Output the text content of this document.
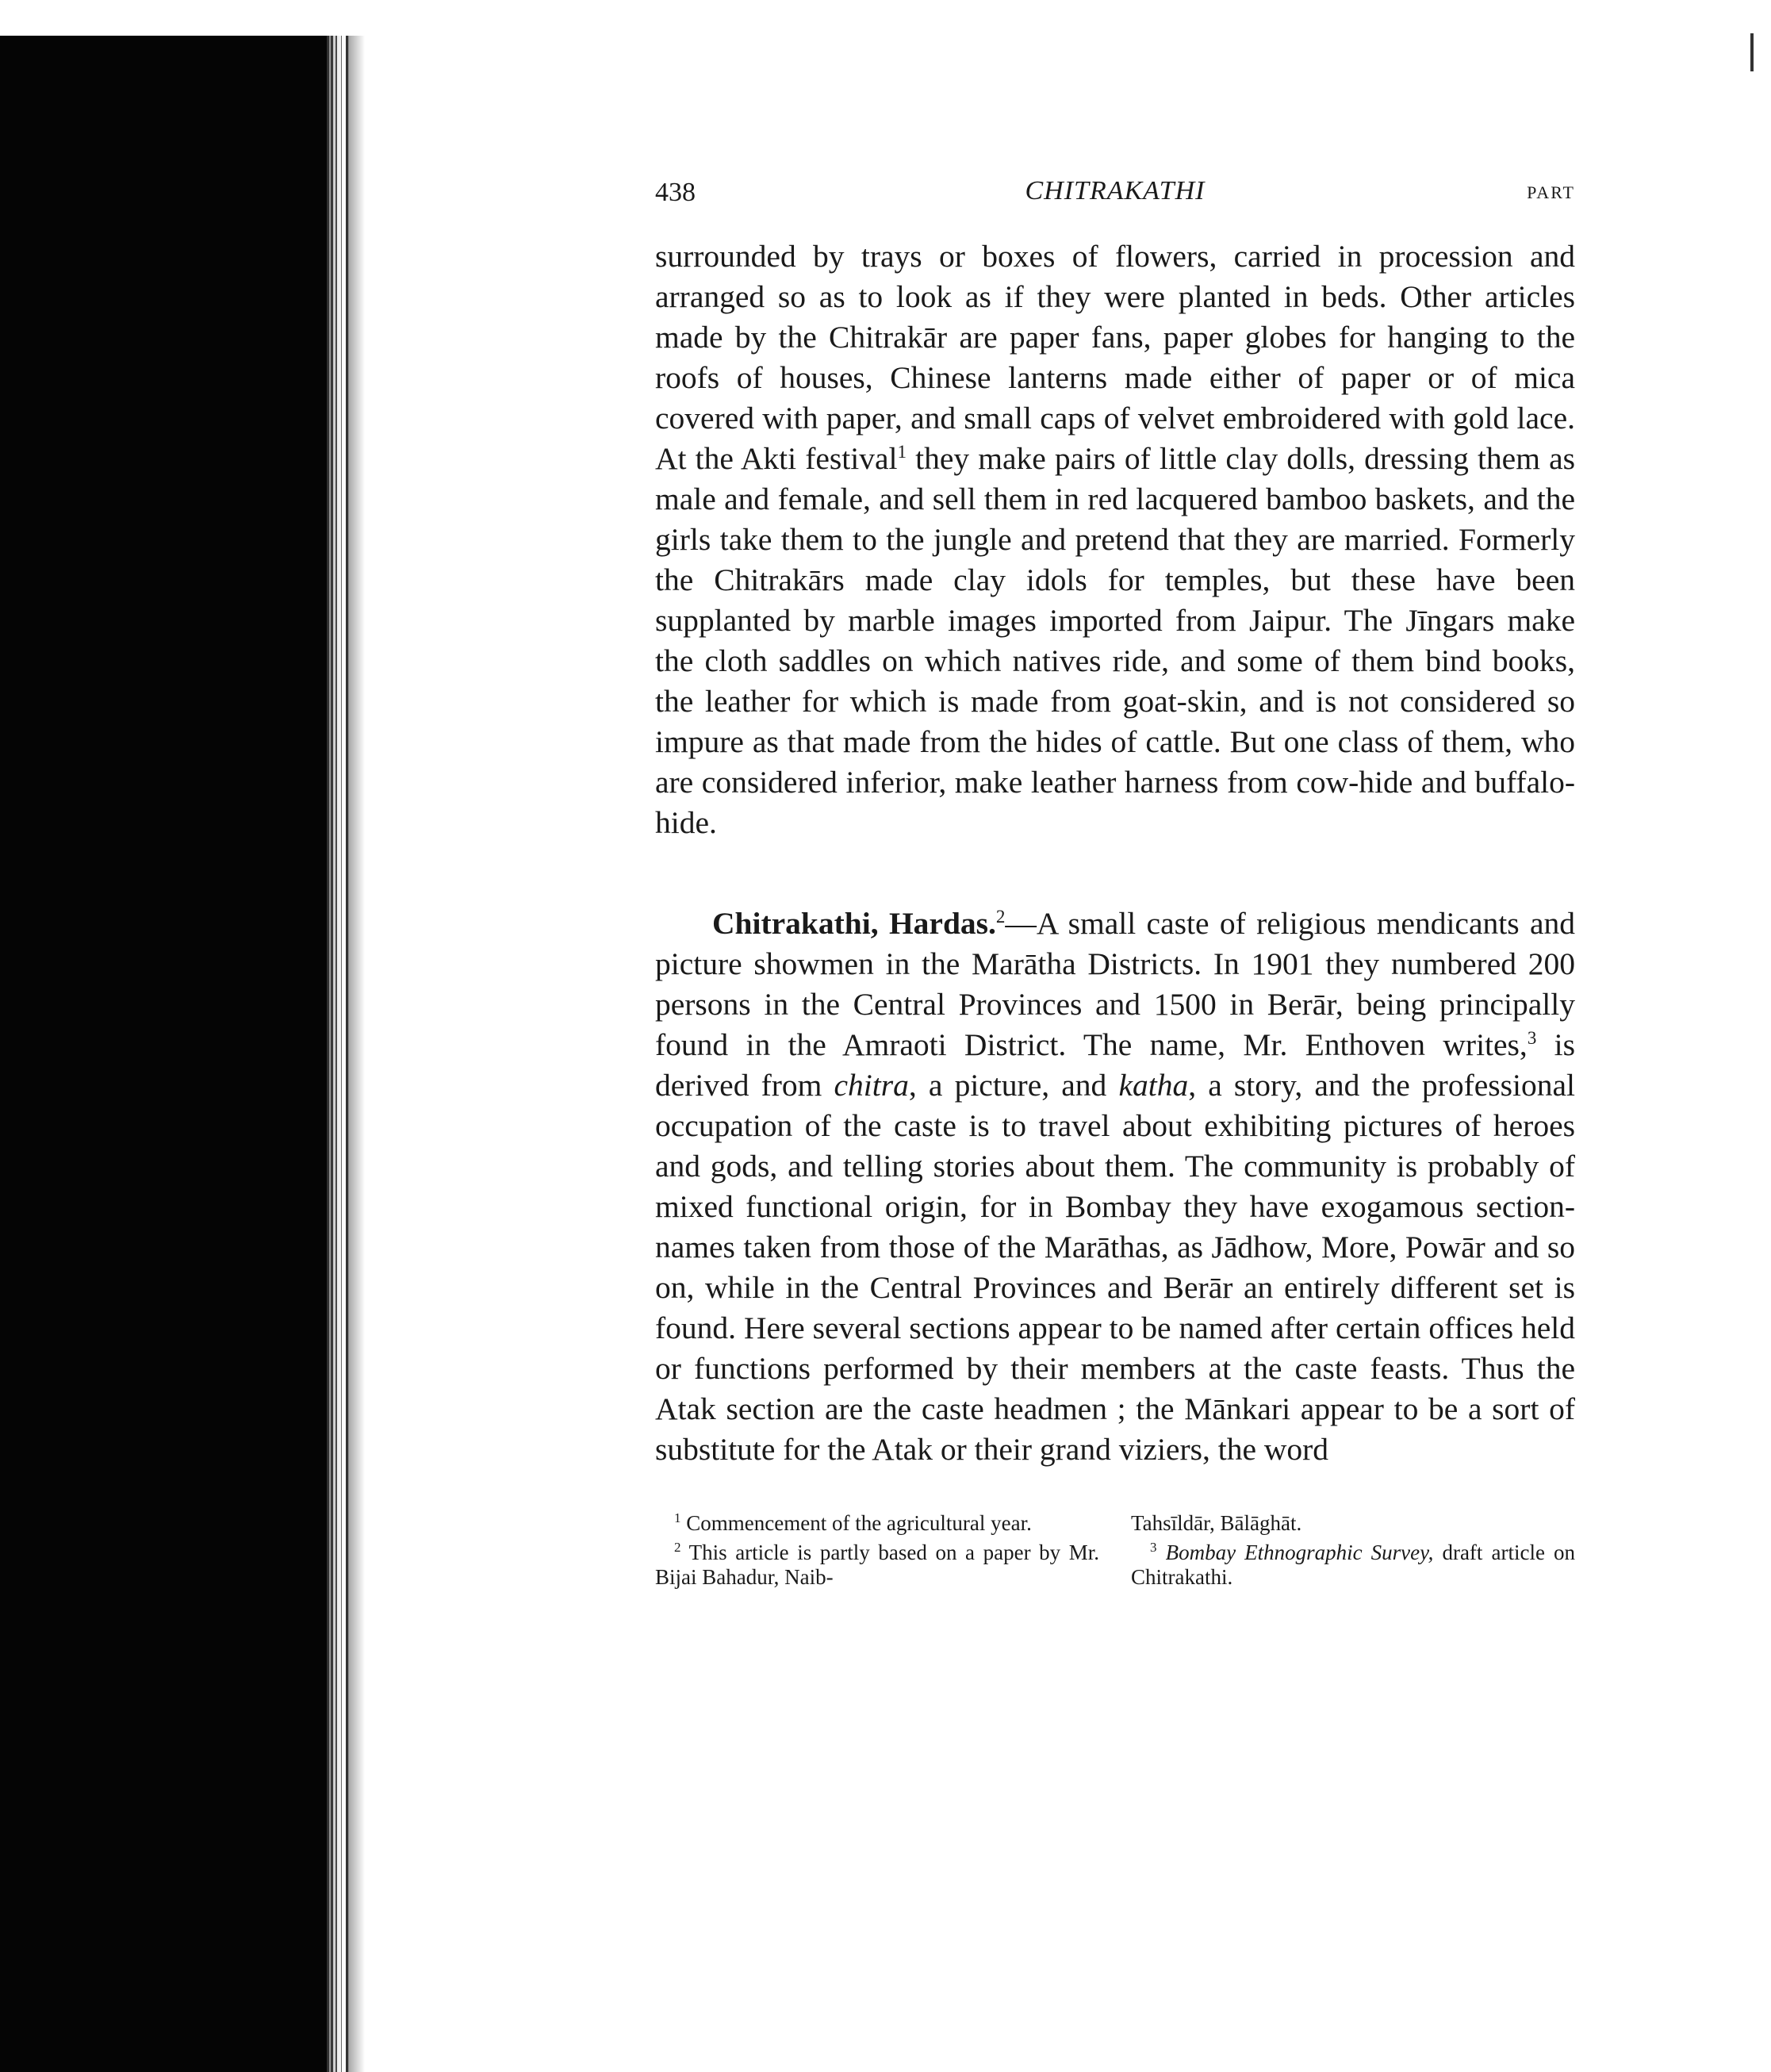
438	CHITRAKATHI	PART

surrounded by trays or boxes of flowers, carried in procession and arranged so as to look as if they were planted in beds. Other articles made by the Chitrakār are paper fans, paper globes for hanging to the roofs of houses, Chinese lanterns made either of paper or of mica covered with paper, and small caps of velvet embroidered with gold lace. At the Akti festival$^1$ they make pairs of little clay dolls, dressing them as male and female, and sell them in red lacquered bamboo baskets, and the girls take them to the jungle and pretend that they are married. Formerly the Chitrakārs made clay idols for temples, but these have been supplanted by marble images imported from Jaipur. The Jīngars make the cloth saddles on which natives ride, and some of them bind books, the leather for which is made from goat-skin, and is not considered so impure as that made from the hides of cattle. But one class of them, who are considered inferior, make leather harness from cow-hide and buffalo-hide.

Chitrakathi, Hardas.$^2$—A small caste of religious mendicants and picture showmen in the Marātha Districts. In 1901 they numbered 200 persons in the Central Provinces and 1500 in Berār, being principally found in the Amraoti District. The name, Mr. Enthoven writes,$^3$ is derived from chitra, a picture, and katha, a story, and the professional occupation of the caste is to travel about exhibiting pictures of heroes and gods, and telling stories about them. The community is probably of mixed functional origin, for in Bombay they have exogamous section-names taken from those of the Marāthas, as Jādhow, More, Powār and so on, while in the Central Provinces and Berār an entirely different set is found. Here several sections appear to be named after certain offices held or functions performed by their members at the caste feasts. Thus the Atak section are the caste headmen ; the Mānkari appear to be a sort of substitute for the Atak or their grand viziers, the word

$^1$ Commencement of the agricultural year.

$^2$ This article is partly based on a paper by Mr. Bijai Bahadur, Naib-

Tahsīldār, Bālāghāt.

$^3$ Bombay Ethnographic Survey, draft article on Chitrakathi.
